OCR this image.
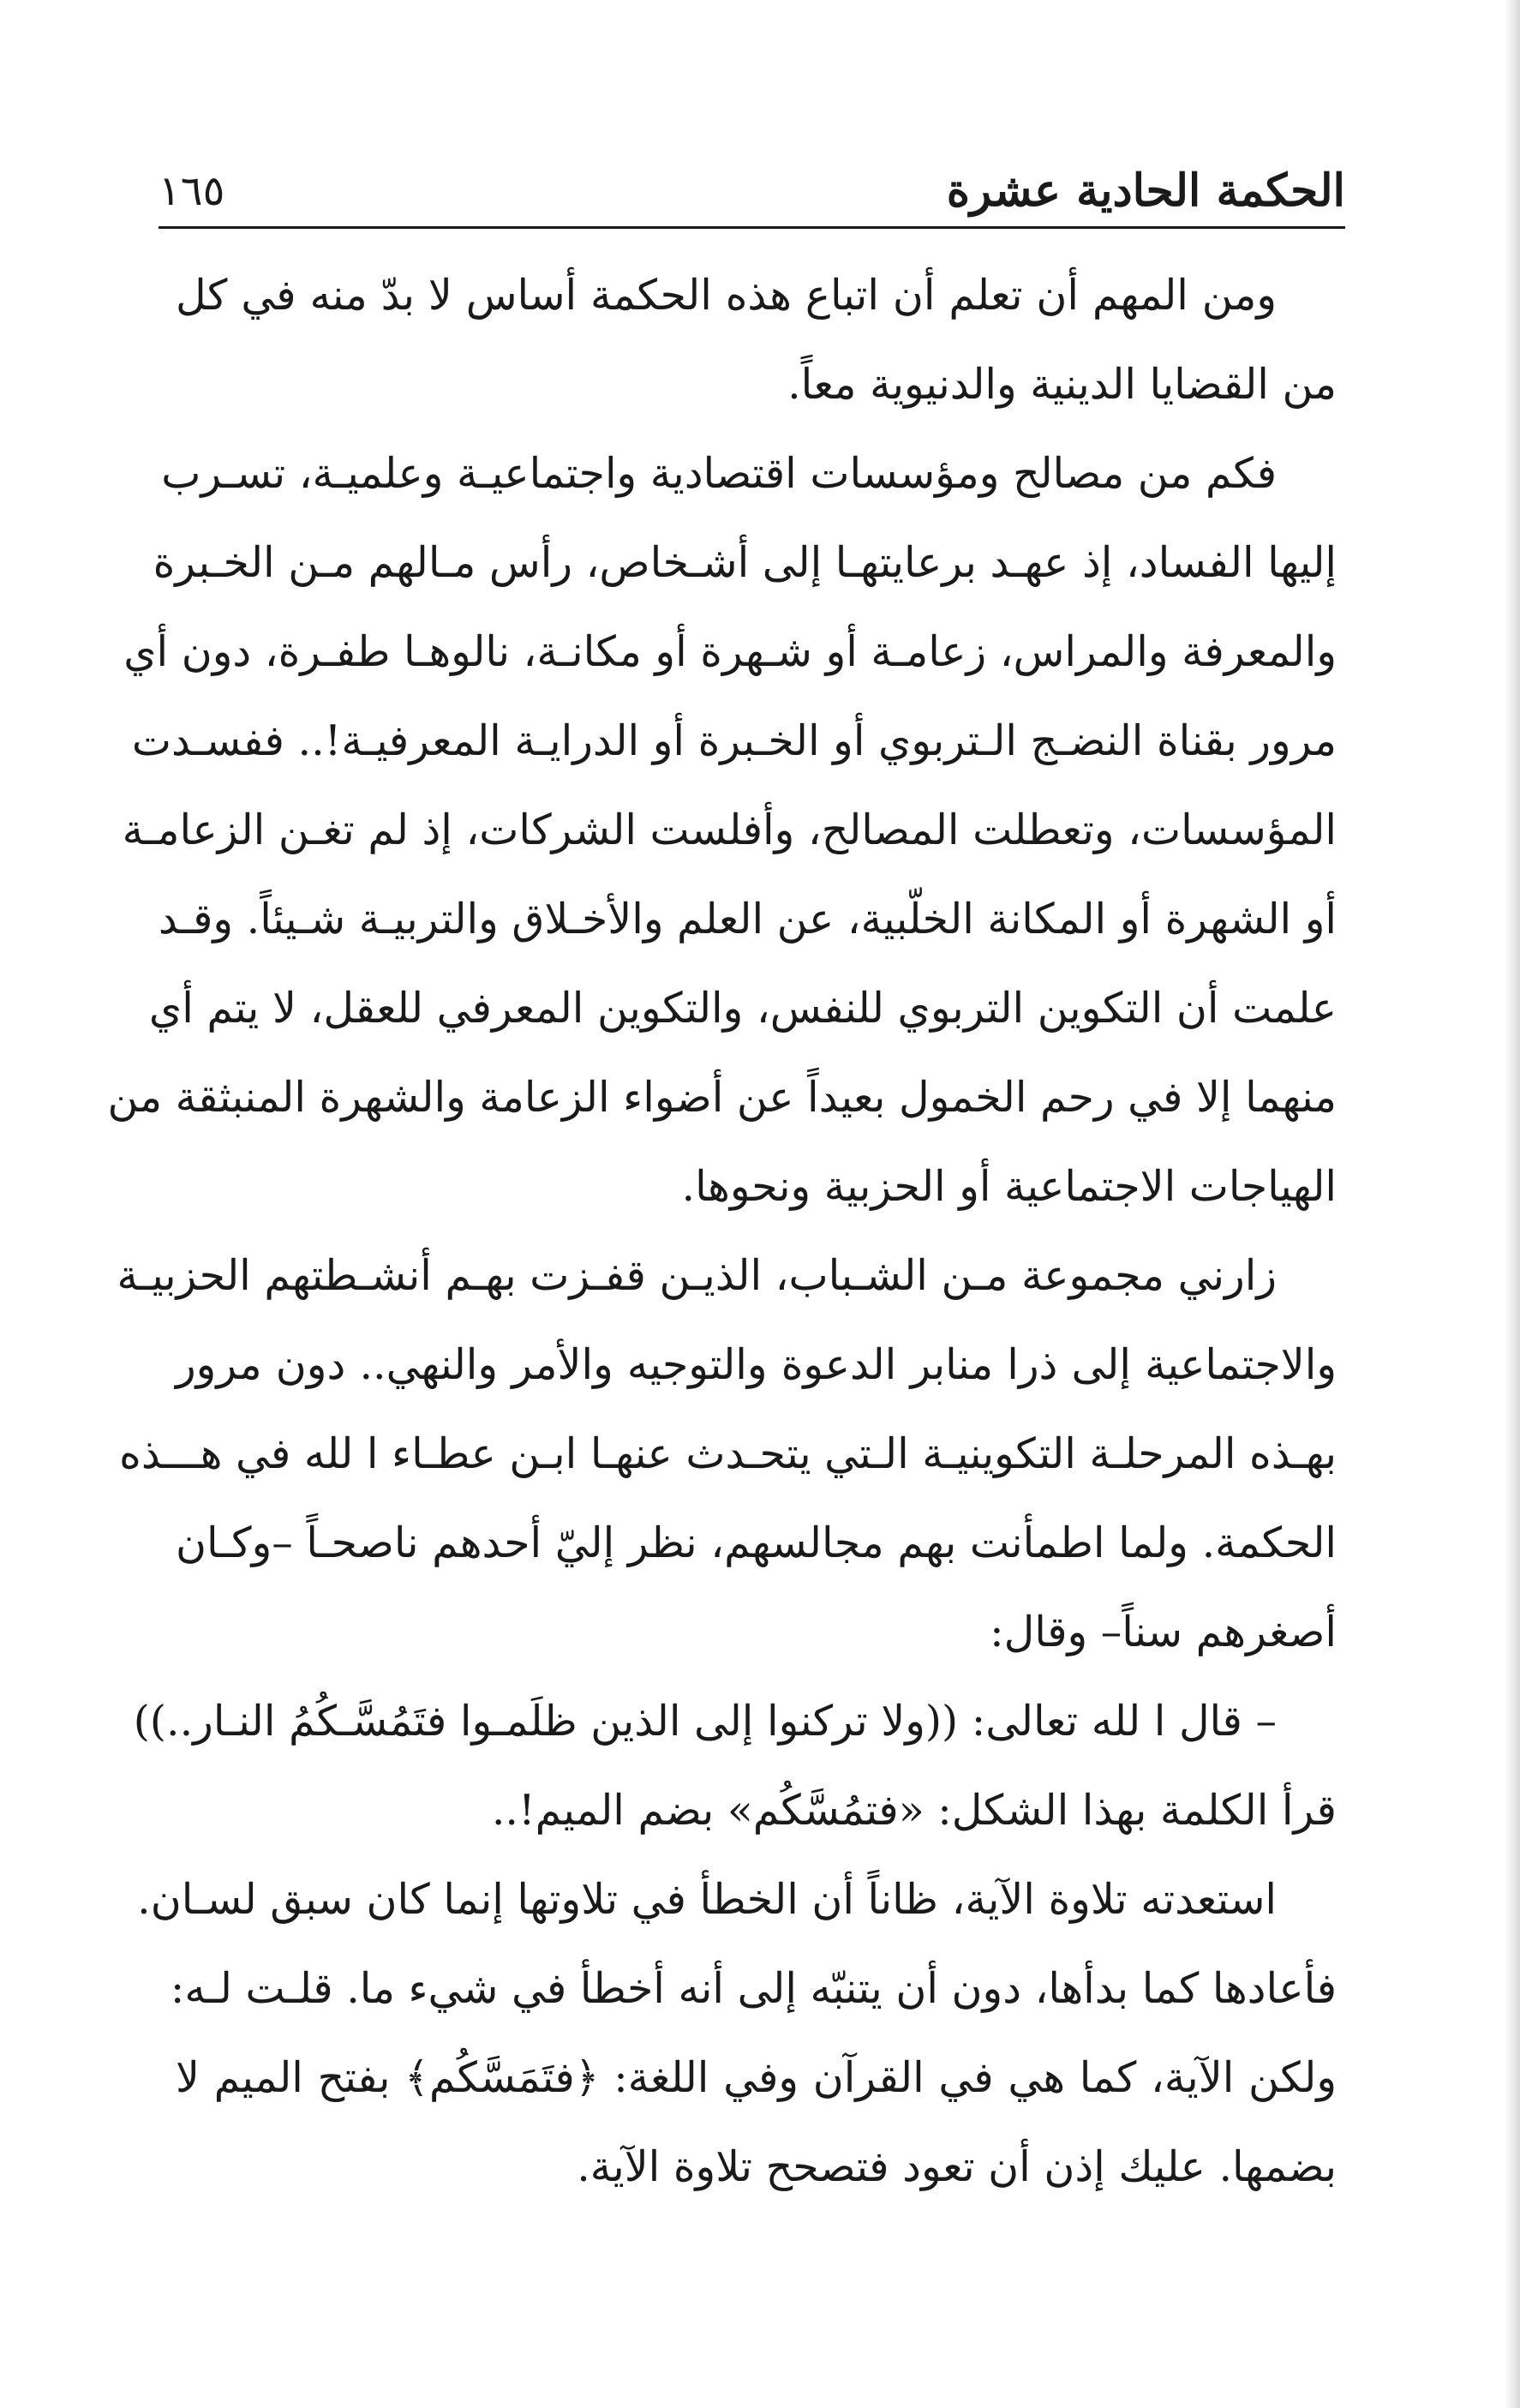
الحكمة الحادية عشرة
١٦٥

ومن المهم أن تعلم أن اتباع هذه الحكمة أساس لا بدّ منه في كل
من القضايا الدينية والدنيوية معاً.

فكم من مصالح ومؤسسات اقتصادية واجتماعيـة وعلميـة، تسـرب
إليها الفساد، إذ عهـد برعايتهـا إلى أشـخاص، رأس مـالهم مـن الخـبرة
والمعرفة والمراس، زعامـة أو شـهرة أو مكانـة، نالوهـا طفـرة، دون أي
مرور بقناة النضـج الـتربوي أو الخـبرة أو الدرايـة المعرفيـة!.. ففسـدت
المؤسسات، وتعطلت المصالح، وأفلست الشركات، إذ لم تغـن الزعامـة
أو الشهرة أو المكانة الخلّبية، عن العلم والأخـلاق والتربيـة شـيئاً. وقـد
علمت أن التكوين التربوي للنفس، والتكوين المعرفي للعقل، لا يتم أي
منهما إلا في رحم الخمول بعيداً عن أضواء الزعامة والشهرة المنبثقة من
الهياجات الاجتماعية أو الحزبية ونحوها.

زارني مجموعة مـن الشـباب، الذيـن قفـزت بهـم أنشـطتهم الحزبيـة
والاجتماعية إلى ذرا منابر الدعوة والتوجيه والأمر والنهي.. دون مرور
بهـذه المرحلـة التكوينيـة الـتي يتحـدث عنهـا ابـن عطـاء ا لله في هـــذه
الحكمة. ولما اطمأنت بهم مجالسهم، نظر إليّ أحدهم ناصحـاً –وكـان
أصغرهم سناً– وقال:

– قال ا لله تعالى: ((ولا تركنوا إلى الذين ظلَمـوا فتَمُسَّـكُمُ النـار..))
قرأ الكلمة بهذا الشكل: «فتمُسَّكُم» بضم الميم!..

استعدته تلاوة الآية، ظاناً أن الخطأ في تلاوتها إنما كان سبق لسـان.
فأعادها كما بدأها، دون أن يتنبّه إلى أنه أخطأ في شيء ما. قلـت لـه:
ولكن الآية، كما هي في القرآن وفي اللغة: ﴿فتَمَسَّكُم﴾ بفتح الميم لا
بضمها. عليك إذن أن تعود فتصحح تلاوة الآية.
